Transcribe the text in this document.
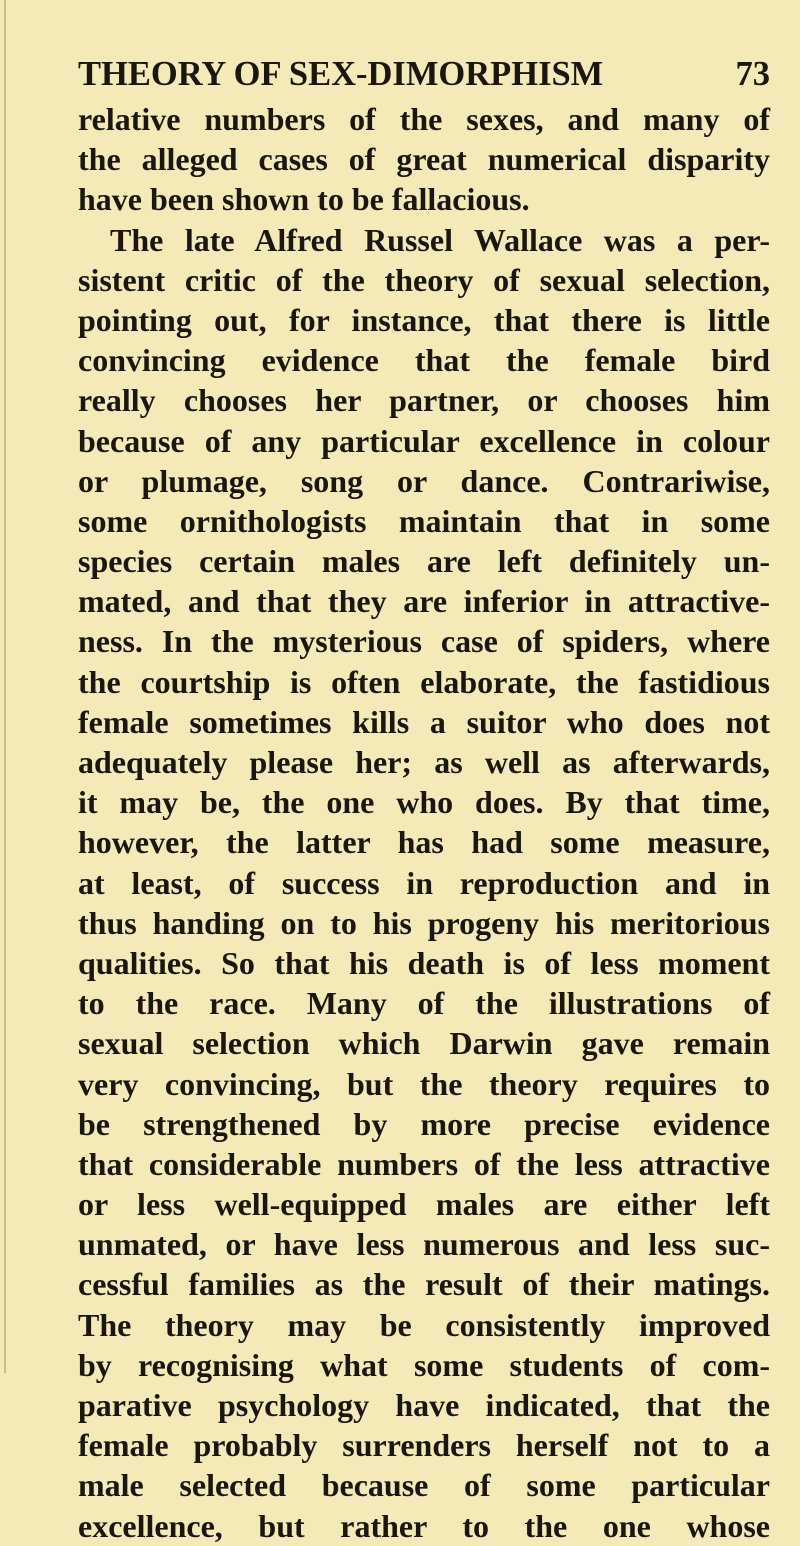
THEORY OF SEX-DIMORPHISM	73
relative numbers of the sexes, and many of
the alleged cases of great numerical disparity
have been shown to be fallacious.
The late Alfred Russel Wallace was a per-
sistent critic of the theory of sexual selection,
pointing out, for instance, that there is little
convincing evidence that the female bird
really chooses her partner, or chooses him
because of any particular excellence in colour
or plumage, song or dance. Contrariwise,
some ornithologists maintain that in some
species certain males are left definitely un-
mated, and that they are inferior in attractive-
ness. In the mysterious case of spiders, where
the courtship is often elaborate, the fastidious
female sometimes kills a suitor who does not
adequately please her; as well as afterwards,
it may be, the one who does. By that time,
however, the latter has had some measure,
at least, of success in reproduction and in
thus handing on to his progeny his meritorious
qualities. So that his death is of less moment
to the race. Many of the illustrations of
sexual selection which Darwin gave remain
very convincing, but the theory requires to
be strengthened by more precise evidence
that considerable numbers of the less attractive
or less well-equipped males are either left
unmated, or have less numerous and less suc-
cessful families as the result of their matings.
The theory may be consistently improved
by recognising what some students of com-
parative psychology have indicated, that the
female probably surrenders herself not to a
male selected because of some particular
excellence, but rather to the one whose
